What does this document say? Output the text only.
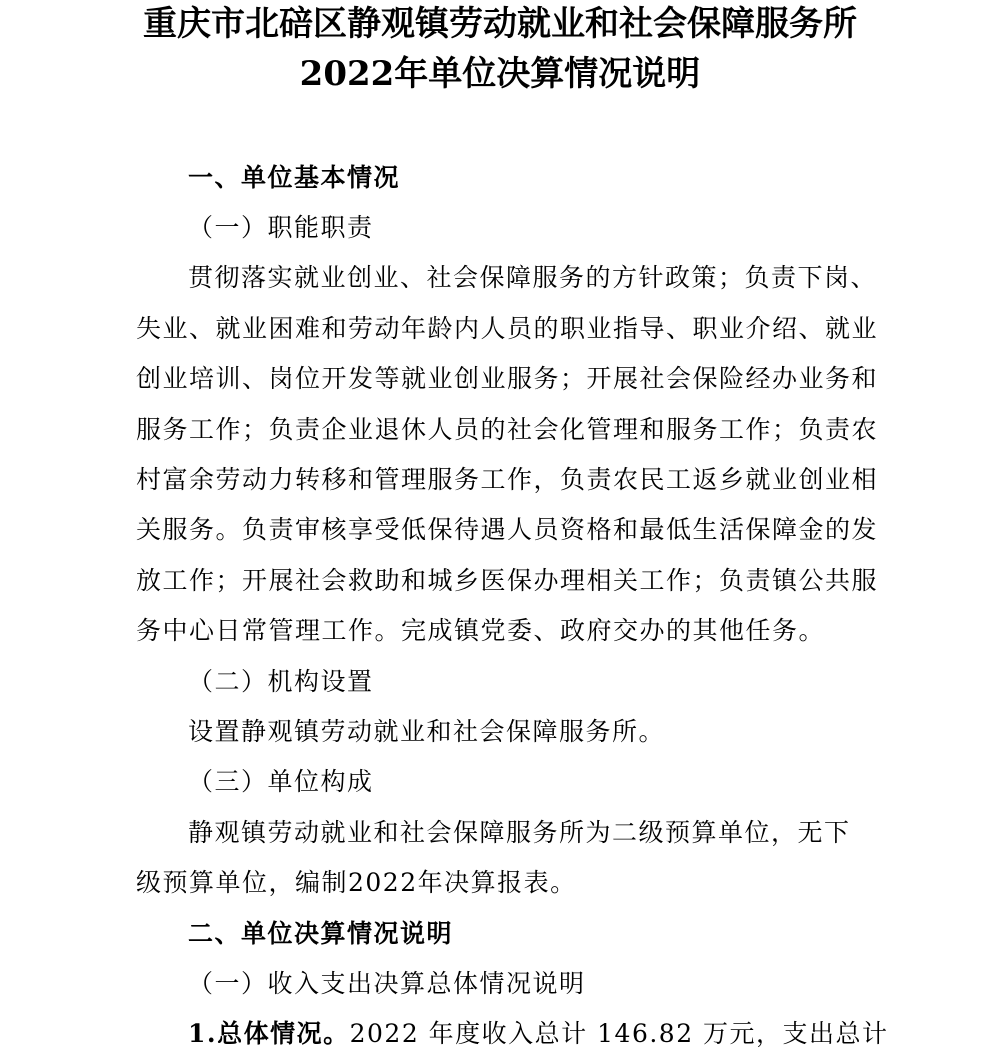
重庆市北碚区静观镇劳动就业和社会保障服务所
2022年单位决算情况说明
一、单位基本情况
（一）职能职责
贯彻落实就业创业、社会保障服务的方针政策；负责下岗、
失业、就业困难和劳动年龄内人员的职业指导、职业介绍、就业
创业培训、岗位开发等就业创业服务；开展社会保险经办业务和
服务工作；负责企业退休人员的社会化管理和服务工作；负责农
村富余劳动力转移和管理服务工作，负责农民工返乡就业创业相
关服务。负责审核享受低保待遇人员资格和最低生活保障金的发
放工作；开展社会救助和城乡医保办理相关工作；负责镇公共服
务中心日常管理工作。完成镇党委、政府交办的其他任务。
（二）机构设置
设置静观镇劳动就业和社会保障服务所。
（三）单位构成
静观镇劳动就业和社会保障服务所为二级预算单位，无下
级预算单位，编制2022年决算报表。
二、单位决算情况说明
（一）收入支出决算总体情况说明
1.总体情况。2022 年度收入总计 146.82 万元，支出总计
